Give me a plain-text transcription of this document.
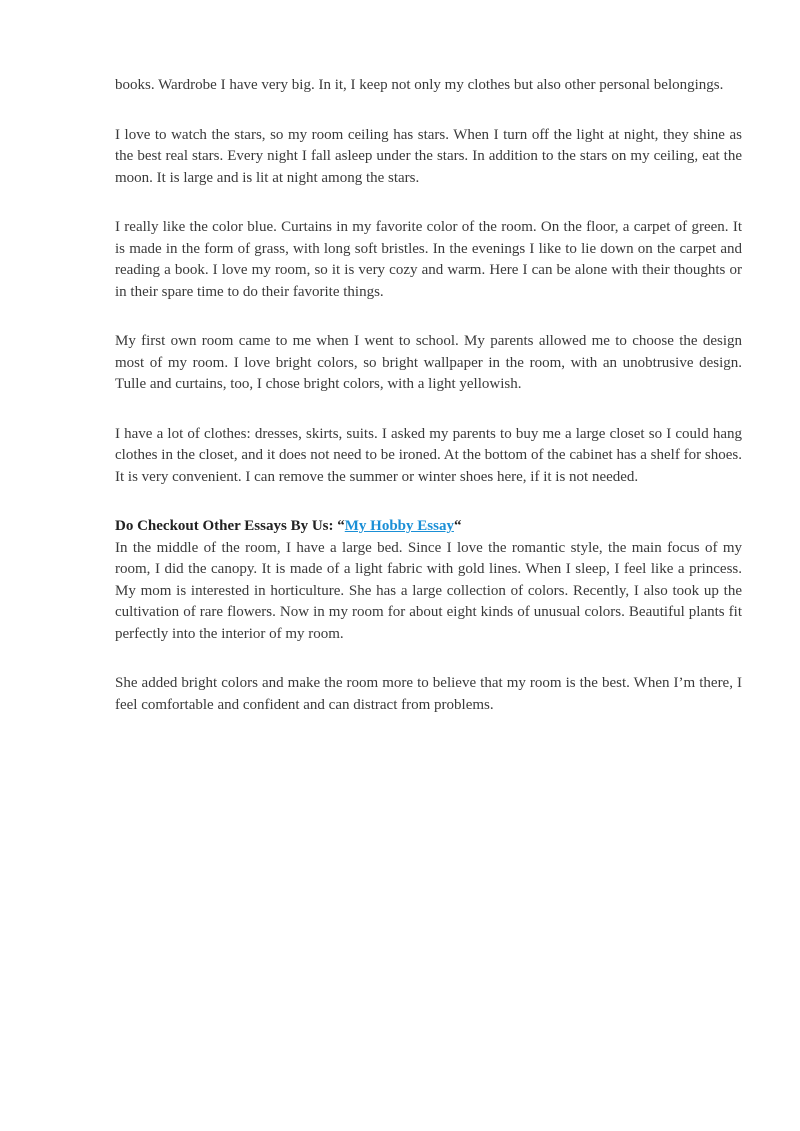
books. Wardrobe I have very big. In it, I keep not only my clothes but also other personal belongings.

I love to watch the stars, so my room ceiling has stars. When I turn off the light at night, they shine as the best real stars. Every night I fall asleep under the stars. In addition to the stars on my ceiling, eat the moon. It is large and is lit at night among the stars.

I really like the color blue. Curtains in my favorite color of the room. On the floor, a carpet of green. It is made in the form of grass, with long soft bristles. In the evenings I like to lie down on the carpet and reading a book. I love my room, so it is very cozy and warm. Here I can be alone with their thoughts or in their spare time to do their favorite things.

My first own room came to me when I went to school. My parents allowed me to choose the design most of my room. I love bright colors, so bright wallpaper in the room, with an unobtrusive design. Tulle and curtains, too, I chose bright colors, with a light yellowish.

I have a lot of clothes: dresses, skirts, suits. I asked my parents to buy me a large closet so I could hang clothes in the closet, and it does not need to be ironed. At the bottom of the cabinet has a shelf for shoes. It is very convenient. I can remove the summer or winter shoes here, if it is not needed.

Do Checkout Other Essays By Us: “My Hobby Essay“

In the middle of the room, I have a large bed. Since I love the romantic style, the main focus of my room, I did the canopy. It is made of a light fabric with gold lines. When I sleep, I feel like a princess. My mom is interested in horticulture. She has a large collection of colors. Recently, I also took up the cultivation of rare flowers. Now in my room for about eight kinds of unusual colors. Beautiful plants fit perfectly into the interior of my room.

She added bright colors and make the room more to believe that my room is the best. When I’m there, I feel comfortable and confident and can distract from problems.
